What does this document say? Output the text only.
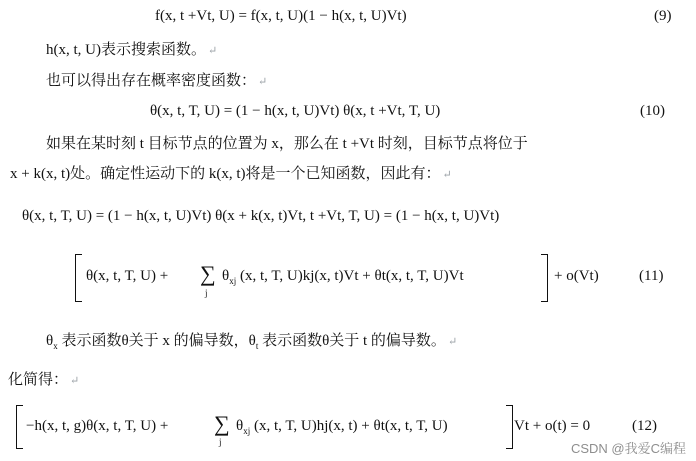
f(x, t +Vt, U) = f(x, t, U)(1 − h(x, t, U)Vt)	(9)
h(x, t, U)表示搜索函数。 ↵
也可以得出存在概率密度函数： ↵
θ(x, t, T, U) = (1 − h(x, t, U)Vt) θ(x, t +Vt, T, U)	(10)
如果在某时刻 t 目标节点的位置为 x，那么在 t +Vt 时刻，目标节点将位于
x + k(x, t)处。确定性运动下的 k(x, t)将是一个已知函数，因此有： ↵
θ(x, t, T, U) = (1 − h(x, t, U)Vt) θ(x + k(x, t)Vt, t +Vt, T, U) = (1 − h(x, t, U)Vt)
θ(x, t, T, U) + ∑
j
$\theta_{xj}$ (x, t, T, U)kj(x, t)Vt + θt(x, t, T, U)Vt	+ ο(Vt)	(11)
$\theta_x$ 表示函数θ关于 x 的偏导数，$\theta_t$ 表示函数θ关于 t 的偏导数。 ↵
化简得： ↵
−h(x, t, g)θ(x, t, T, U) + ∑
j
$\theta_{xj}$ (x, t, T, U)hj(x, t) + θt(x, t, T, U)	Vt + ο(t) = 0	(12)
CSDN @我爱C编程
